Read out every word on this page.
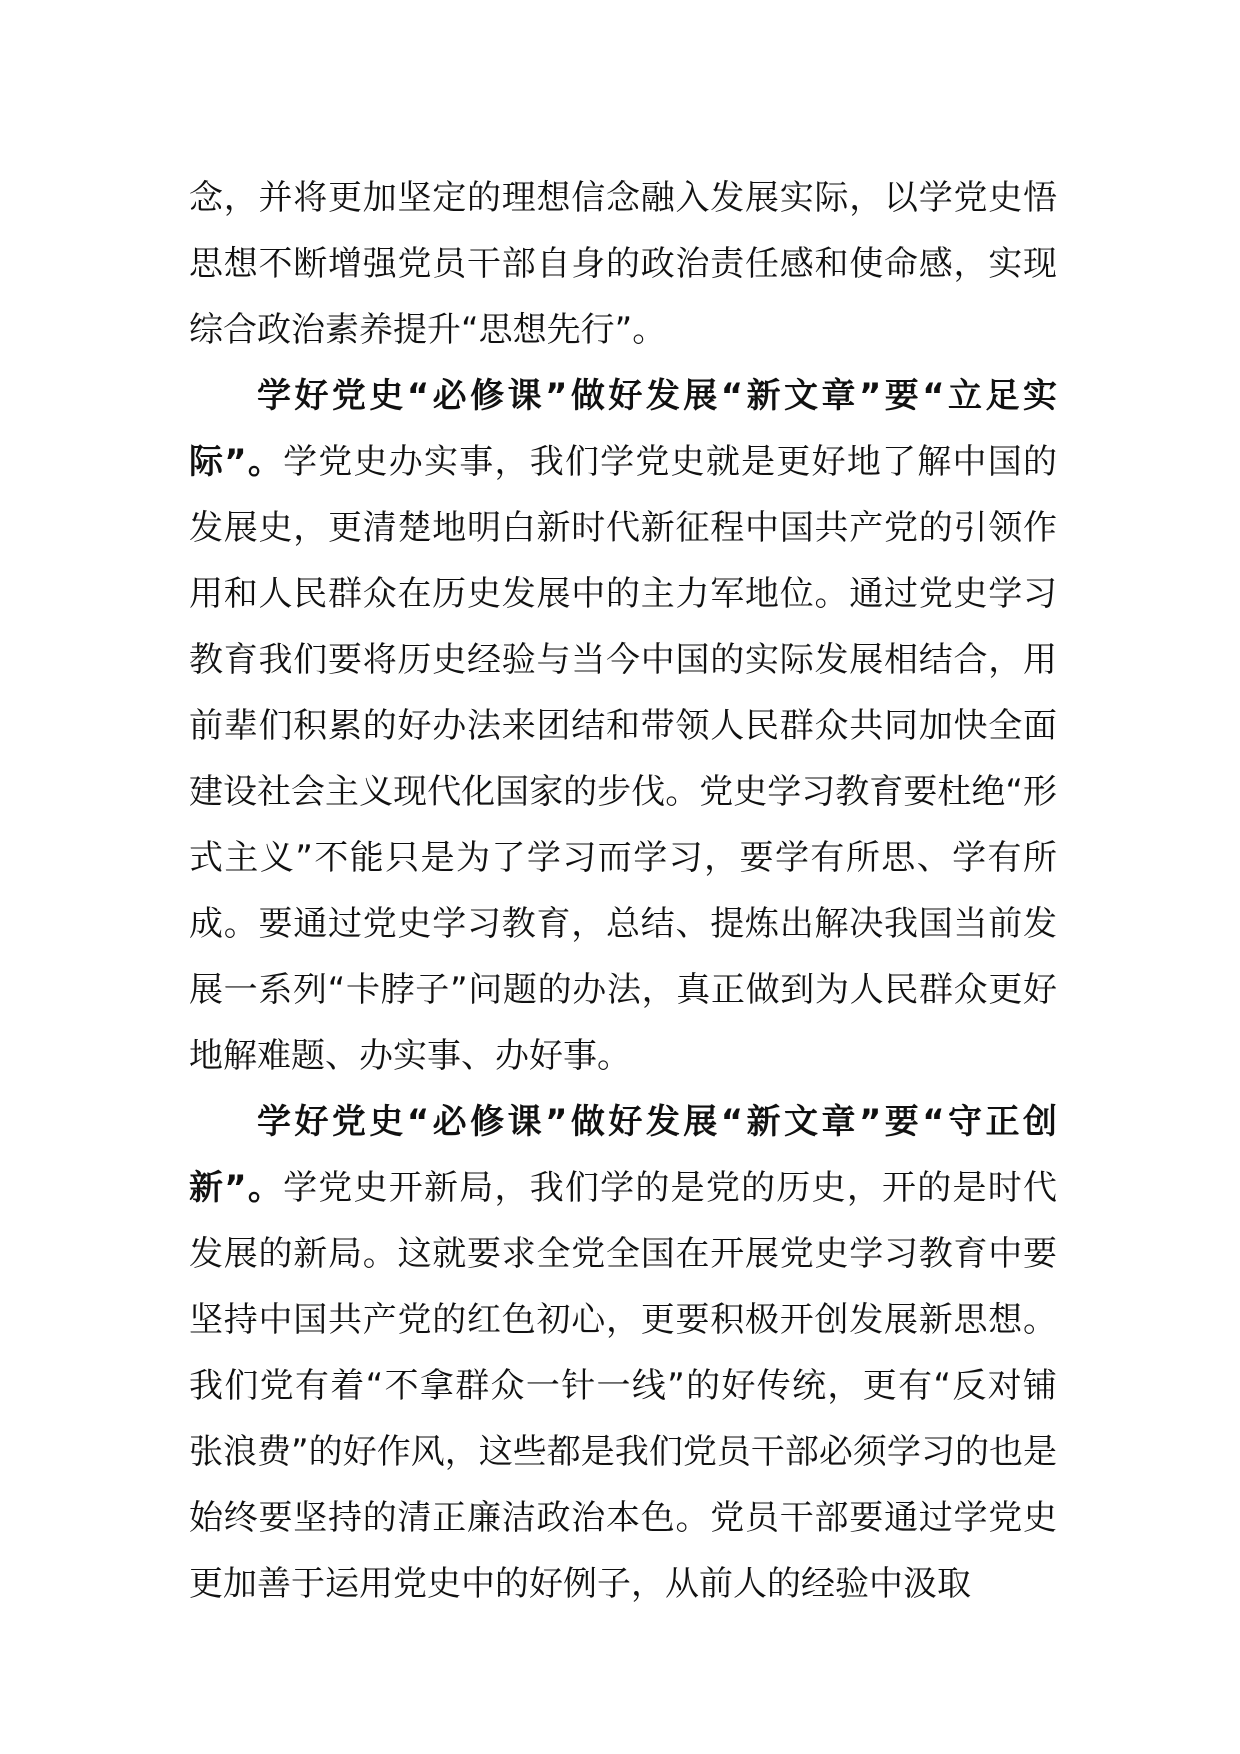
念，并将更加坚定的理想信念融入发展实际，以学党史悟思想不断增强党员干部自身的政治责任感和使命感，实现综合政治素养提升“思想先行”。

学好党史“必修课”做好发展“新文章”要“立足实际”。学党史办实事，我们学党史就是更好地了解中国的发展史，更清楚地明白新时代新征程中国共产党的引领作用和人民群众在历史发展中的主力军地位。通过党史学习教育我们要将历史经验与当今中国的实际发展相结合，用前辈们积累的好办法来团结和带领人民群众共同加快全面建设社会主义现代化国家的步伐。党史学习教育要杜绝“形式主义”不能只是为了学习而学习，要学有所思、学有所成。要通过党史学习教育，总结、提炼出解决我国当前发展一系列“卡脖子”问题的办法，真正做到为人民群众更好地解难题、办实事、办好事。

学好党史“必修课”做好发展“新文章”要“守正创新”。学党史开新局，我们学的是党的历史，开的是时代发展的新局。这就要求全党全国在开展党史学习教育中要坚持中国共产党的红色初心，更要积极开创发展新思想。我们党有着“不拿群众一针一线”的好传统，更有“反对铺张浪费”的好作风，这些都是我们党员干部必须学习的也是始终要坚持的清正廉洁政治本色。党员干部要通过学党史更加善于运用党史中的好例子，从前人的经验中汲取
